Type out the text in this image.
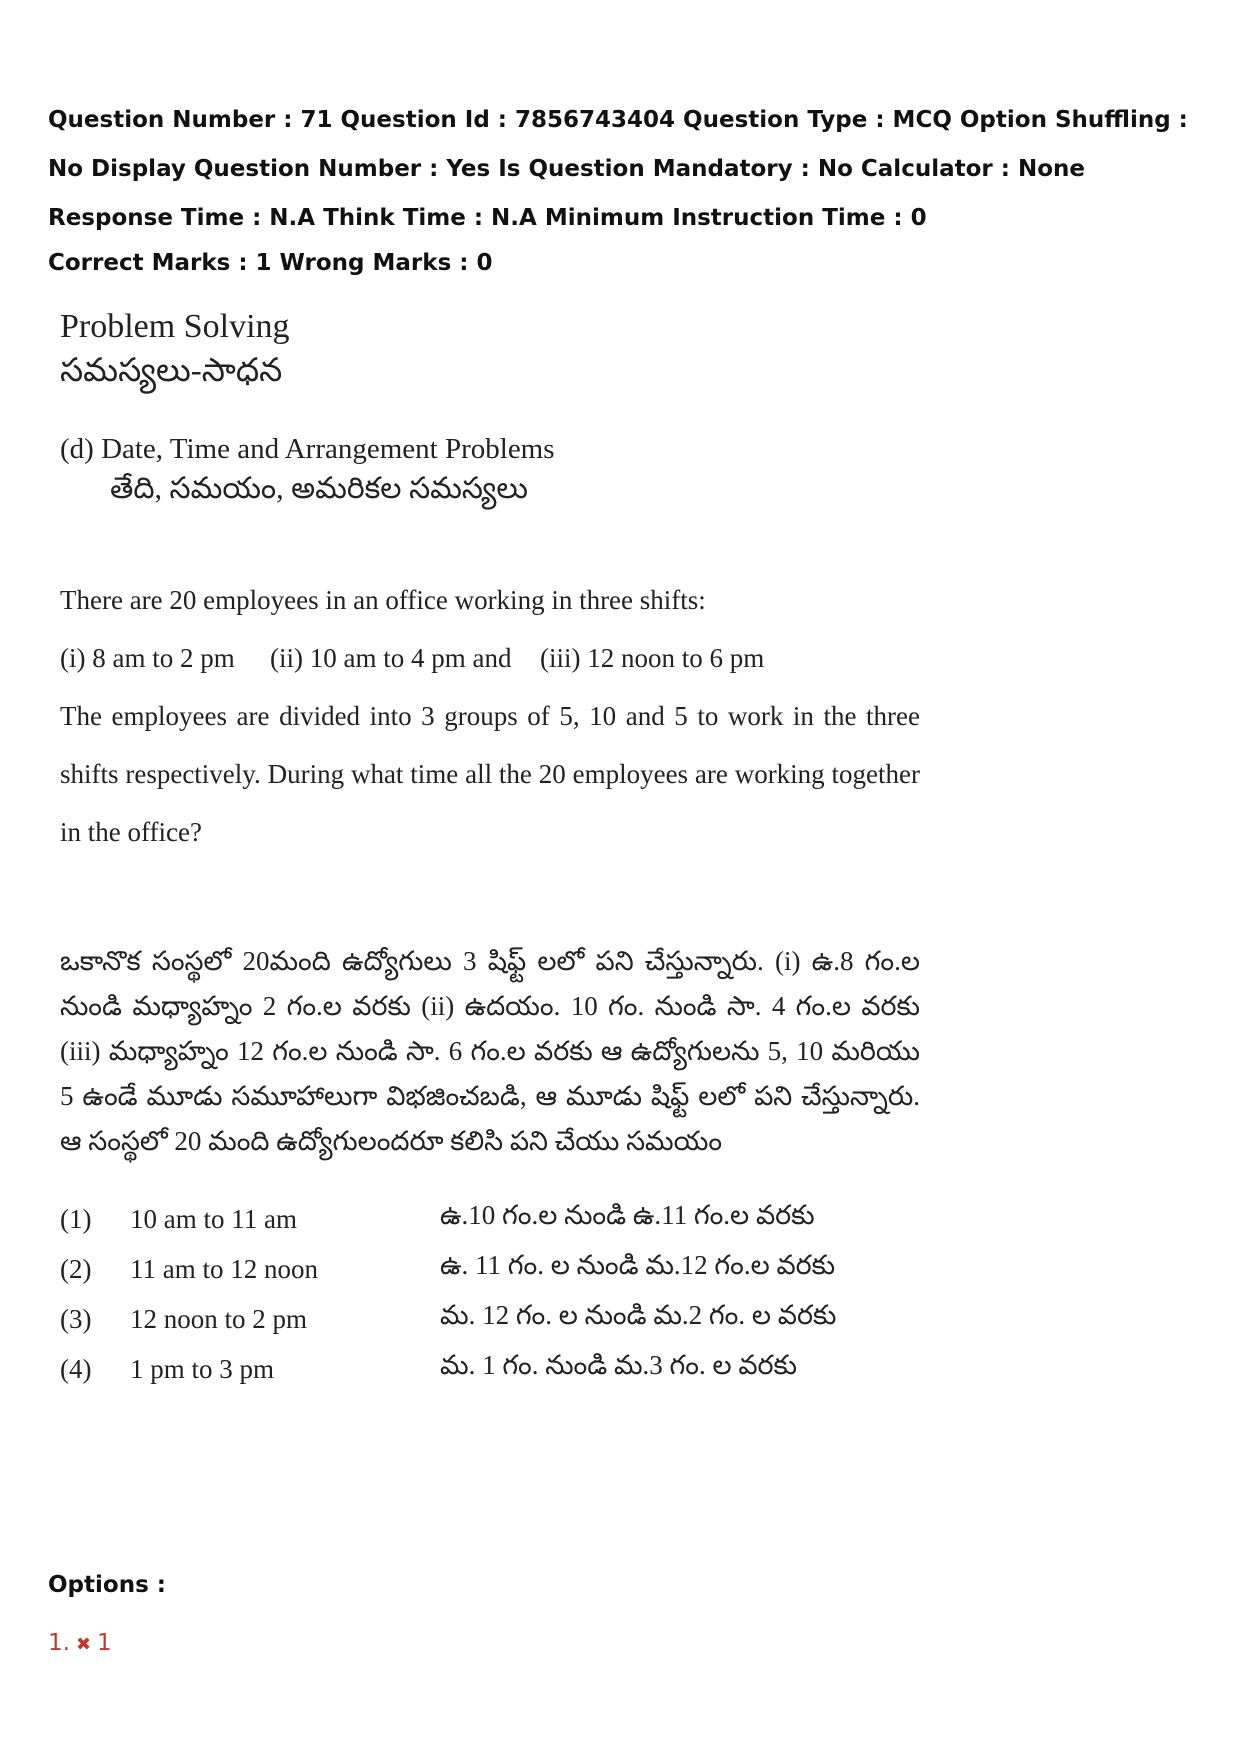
Question Number : 71 Question Id : 7856743404 Question Type : MCQ Option Shuffling : No Display Question Number : Yes Is Question Mandatory : No Calculator : None Response Time : N.A Think Time : N.A Minimum Instruction Time : 0
Correct Marks : 1 Wrong Marks : 0
Problem Solving
సమస్యలు-సాధన
(d) Date, Time and Arrangement Problems
తేది, సమయం, అమరికల సమస్యలు
There are 20 employees in an office working in three shifts:
(i) 8 am to 2 pm (ii) 10 am to 4 pm and (iii) 12 noon to 6 pm
The employees are divided into 3 groups of 5, 10 and 5 to work in the three shifts respectively. During what time all the 20 employees are working together in the office?
ఒకానొక సంస్థలో 20మంది ఉద్యోగులు 3 షిఫ్ట్ లలో పని చేస్తున్నారు. (i) ఉ.8 గం.ల నుండి మధ్యాహ్నం 2 గం.ల వరకు (ii) ఉదయం. 10 గం. నుండి సా. 4 గం.ల వరకు (iii) మధ్యాహ్నం 12 గం.ల నుండి సా. 6 గం.ల వరకు ఆ ఉద్యోగులను 5, 10 మరియు 5 ఉండే మూడు సమూహాలుగా విభజించబడి, ఆ మూడు షిఫ్ట్ లలో పని చేస్తున్నారు. ఆ సంస్థలో 20 మంది ఉద్యోగులందరూ కలిసి పని చేయు సమయం
(1)	10 am to 11 am	ఉ.10 గం.ల నుండి ఉ.11 గం.ల వరకు
(2)	11 am to 12 noon	ఉ. 11 గం. ల నుండి మ.12 గం.ల వరకు
(3)	12 noon to 2 pm	మ. 12 గం. ల నుండి మ.2 గం. ల వరకు
(4)	1 pm to 3 pm	మ. 1 గం. నుండి మ.3 గం. ల వరకు
Options :
1. ✖ 1
